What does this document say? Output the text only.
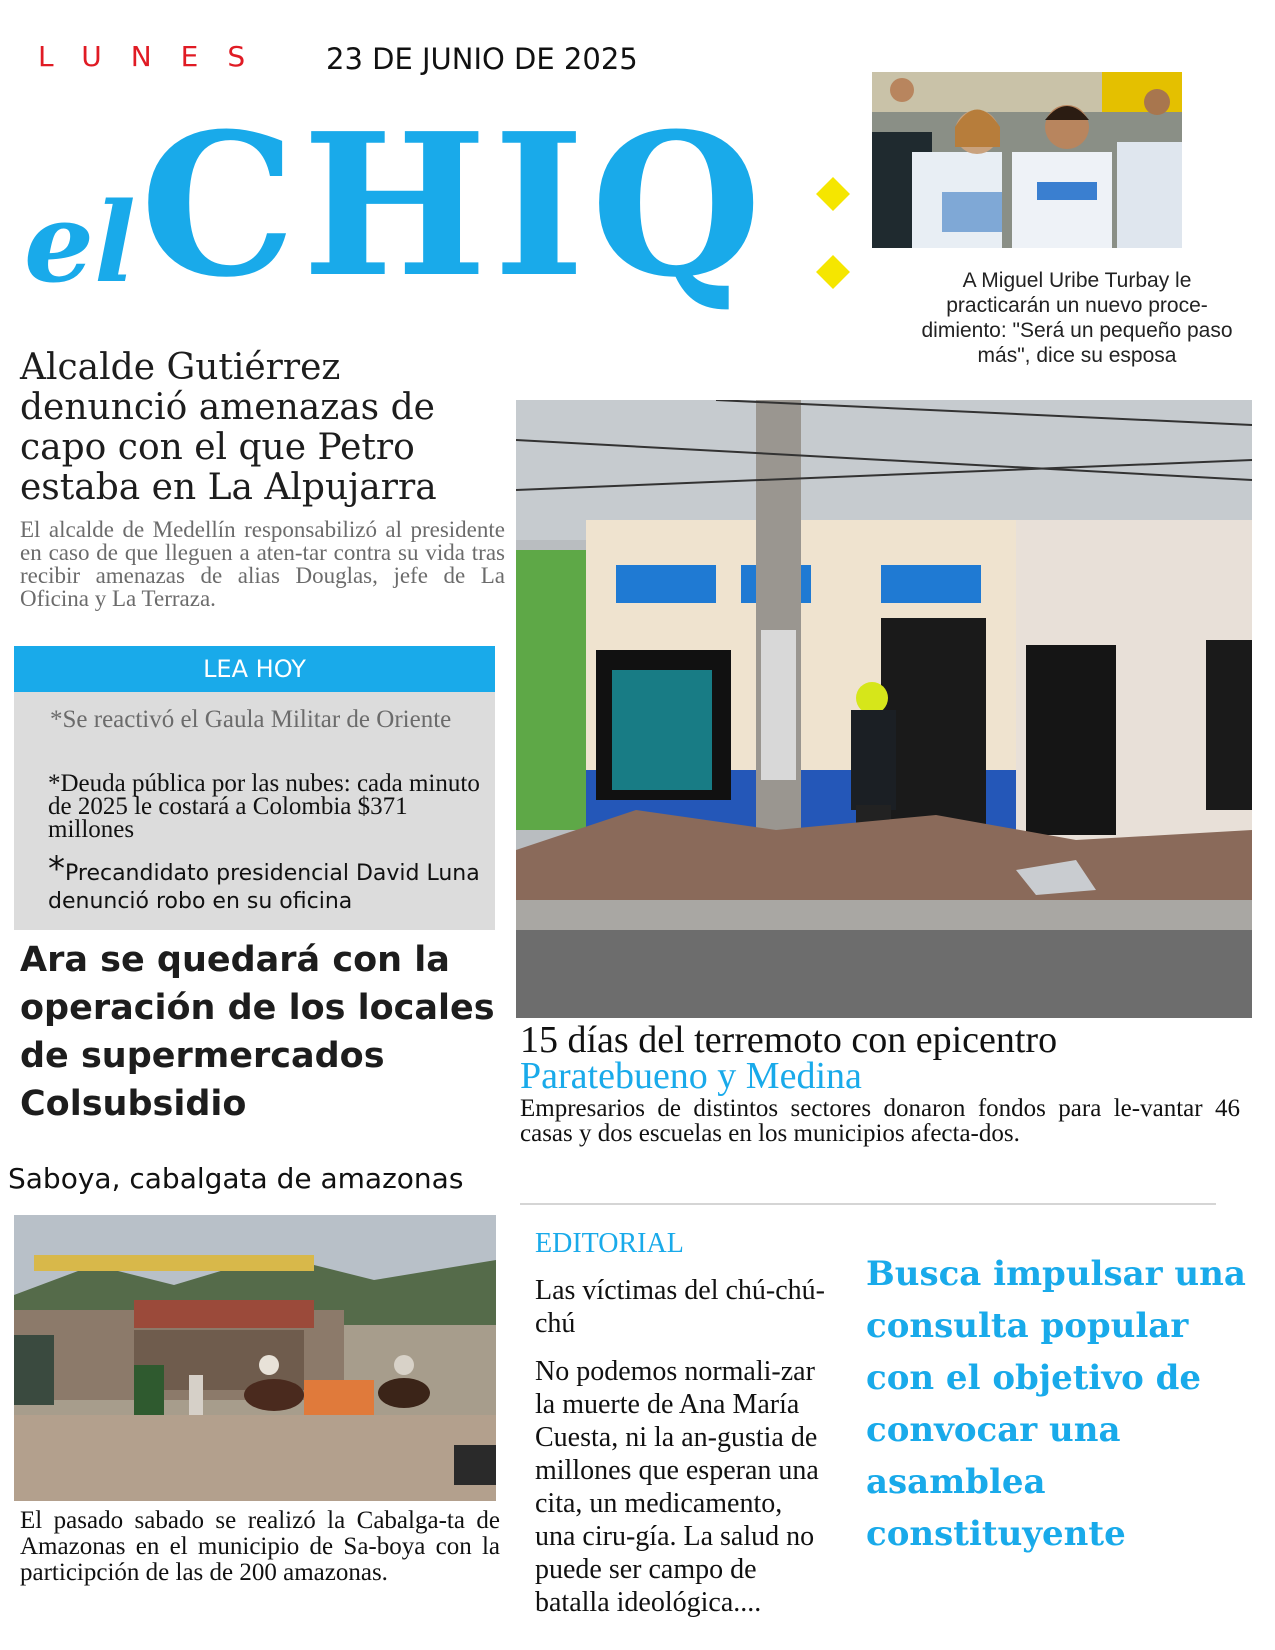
LUNES 23 DE JUNIO DE 2025
el CHIQ	A Miguel Uribe Turbay le practicarán un nuevo proce-dimiento: "Será un pequeño paso más", dice su esposa
Alcalde Gutiérrez denunció amenazas de capo con el que Petro estaba en La Alpujarra
El alcalde de Medellín responsabilizó al presidente en caso de que lleguen a aten-tar contra su vida tras recibir amenazas de alias Douglas, jefe de La Oficina y La Terraza.
LEA HOY
*Se reactivó el Gaula Militar de Oriente
*Deuda pública por las nubes: cada minuto de 2025 le costará a Colombia $371 millones
*Precandidato presidencial David Luna denunció robo en su oficina
Ara se quedará con la operación de los locales de supermercados Colsubsidio
Saboya, cabalgata de amazonas
El pasado sabado se realizó la Cabalga-ta de Amazonas en el municipio de Sa-boya con la participción de las de 200 amazonas.
15 días del terremoto con epicentro
Paratebueno y Medina
Empresarios de distintos sectores donaron fondos para le-vantar 46 casas y dos escuelas en los municipios afecta-dos.
EDITORIAL
Las víctimas del chú-chú-chú
No podemos normali-zar la muerte de Ana María Cuesta, ni la an-gustia de millones que esperan una cita, un medicamento, una ciru-gía. La salud no puede ser campo de batalla ideológica....
Busca impulsar una consulta popular con el objetivo de convocar una asamblea constituyente
